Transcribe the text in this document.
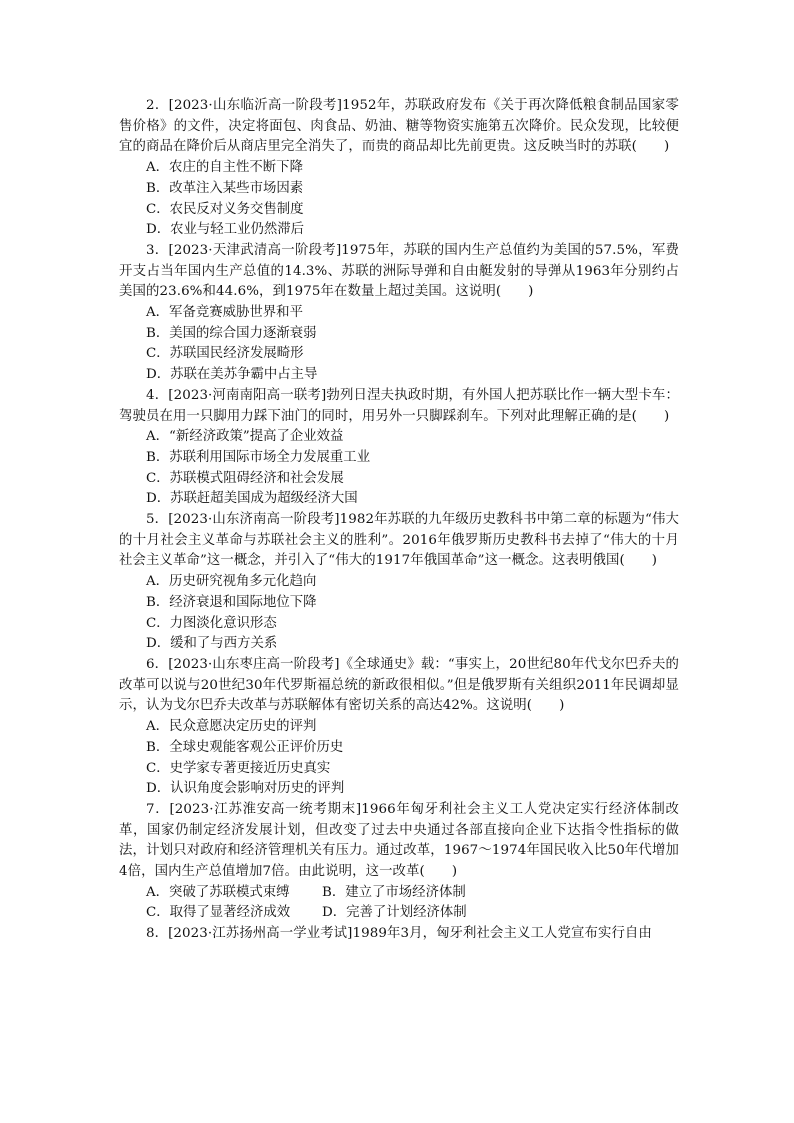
2．[2023·山东临沂高一阶段考]1952年，苏联政府发布《关于再次降低粮食制品国家零售价格》的文件，决定将面包、肉食品、奶油、糖等物资实施第五次降价。民众发现，比较便宜的商品在降价后从商店里完全消失了，而贵的商品却比先前更贵。这反映当时的苏联(　　)

A．农庄的自主性不断下降

B．改革注入某些市场因素

C．农民反对义务交售制度

D．农业与轻工业仍然滞后

3．[2023·天津武清高一阶段考]1975年，苏联的国内生产总值约为美国的57.5%，军费开支占当年国内生产总值的14.3%、苏联的洲际导弹和自由艇发射的导弹从1963年分别约占美国的23.6%和44.6%，到1975年在数量上超过美国。这说明(　　)

A．军备竞赛威胁世界和平

B．美国的综合国力逐渐衰弱

C．苏联国民经济发展畸形

D．苏联在美苏争霸中占主导

4．[2023·河南南阳高一联考]勃列日涅夫执政时期，有外国人把苏联比作一辆大型卡车：驾驶员在用一只脚用力踩下油门的同时，用另外一只脚踩刹车。下列对此理解正确的是(　　)

A．“新经济政策”提高了企业效益

B．苏联利用国际市场全力发展重工业

C．苏联模式阻碍经济和社会发展

D．苏联赶超美国成为超级经济大国

5．[2023·山东济南高一阶段考]1982年苏联的九年级历史教科书中第二章的标题为“伟大的十月社会主义革命与苏联社会主义的胜利”。2016年俄罗斯历史教科书去掉了“伟大的十月社会主义革命”这一概念，并引入了“伟大的1917年俄国革命”这一概念。这表明俄国(　　)

A．历史研究视角多元化趋向

B．经济衰退和国际地位下降

C．力图淡化意识形态

D．缓和了与西方关系

6．[2023·山东枣庄高一阶段考]《全球通史》载：“事实上，20世纪80年代戈尔巴乔夫的改革可以说与20世纪30年代罗斯福总统的新政很相似。”但是俄罗斯有关组织2011年民调却显示，认为戈尔巴乔夫改革与苏联解体有密切关系的高达42%。这说明(　　)

A．民众意愿决定历史的评判

B．全球史观能客观公正评价历史

C．史学家专著更接近历史真实

D．认识角度会影响对历史的评判

7．[2023·江苏淮安高一统考期末]1966年匈牙利社会主义工人党决定实行经济体制改革，国家仍制定经济发展计划，但改变了过去中央通过各部直接向企业下达指令性指标的做法，计划只对政府和经济管理机关有压力。通过改革，1967～1974年国民收入比50年代增加4倍，国内生产总值增加7倍。由此说明，这一改革(　　)

A．突破了苏联模式束缚	B．建立了市场经济体制
C．取得了显著经济成效	D．完善了计划经济体制

8．[2023·江苏扬州高一学业考试]1989年3月，匈牙利社会主义工人党宣布实行自由
